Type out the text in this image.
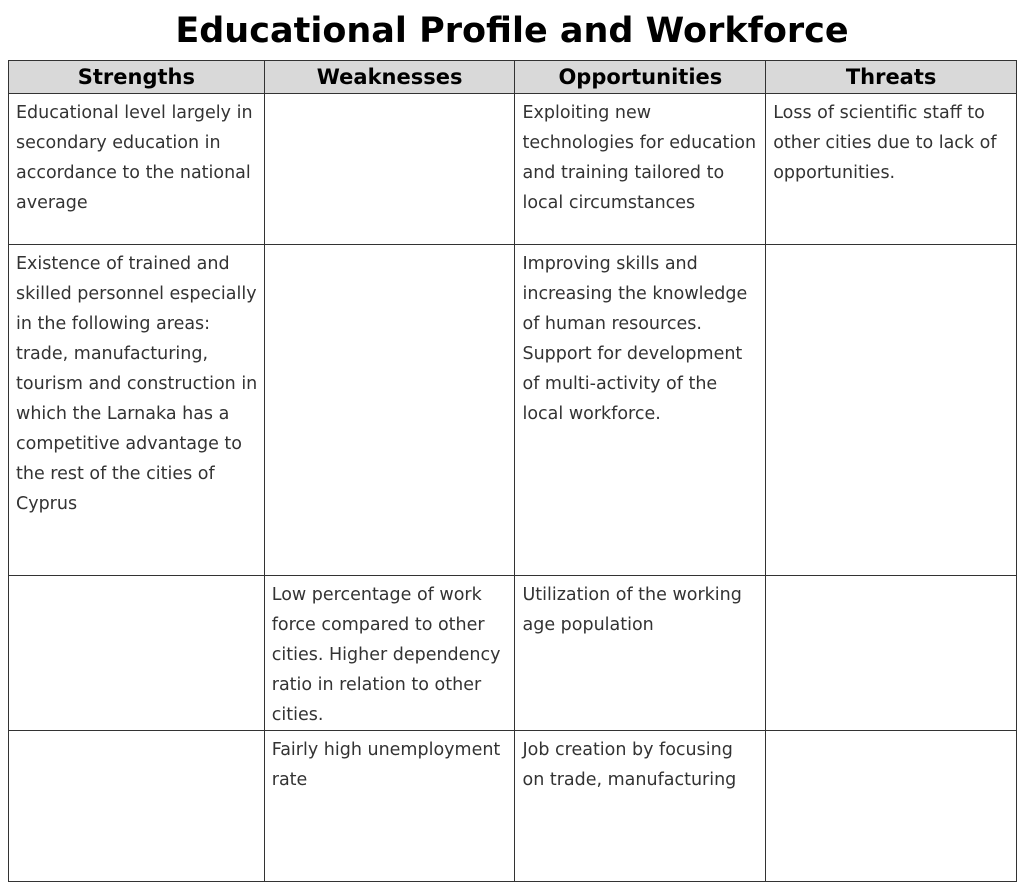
Educational Profile and Workforce
Strengths	Weaknesses	Opportunities	Threats
Educational level largely in secondary education in accordance to the national average		Exploiting new technologies for education and training tailored to local circumstances	Loss of scientific staff to other cities due to lack of opportunities.
Existence of trained and skilled personnel especially in the following areas: trade, manufacturing, tourism and construction in which the Larnaka has a competitive advantage to the rest of the cities of Cyprus		Improving skills and increasing the knowledge of human resources. Support for development of multi-activity of the local workforce.	
	Low percentage of work force compared to other cities. Higher dependency ratio in relation to other cities.	Utilization of the working age population	
	Fairly high unemployment rate	Job creation by focusing on trade, manufacturing	
